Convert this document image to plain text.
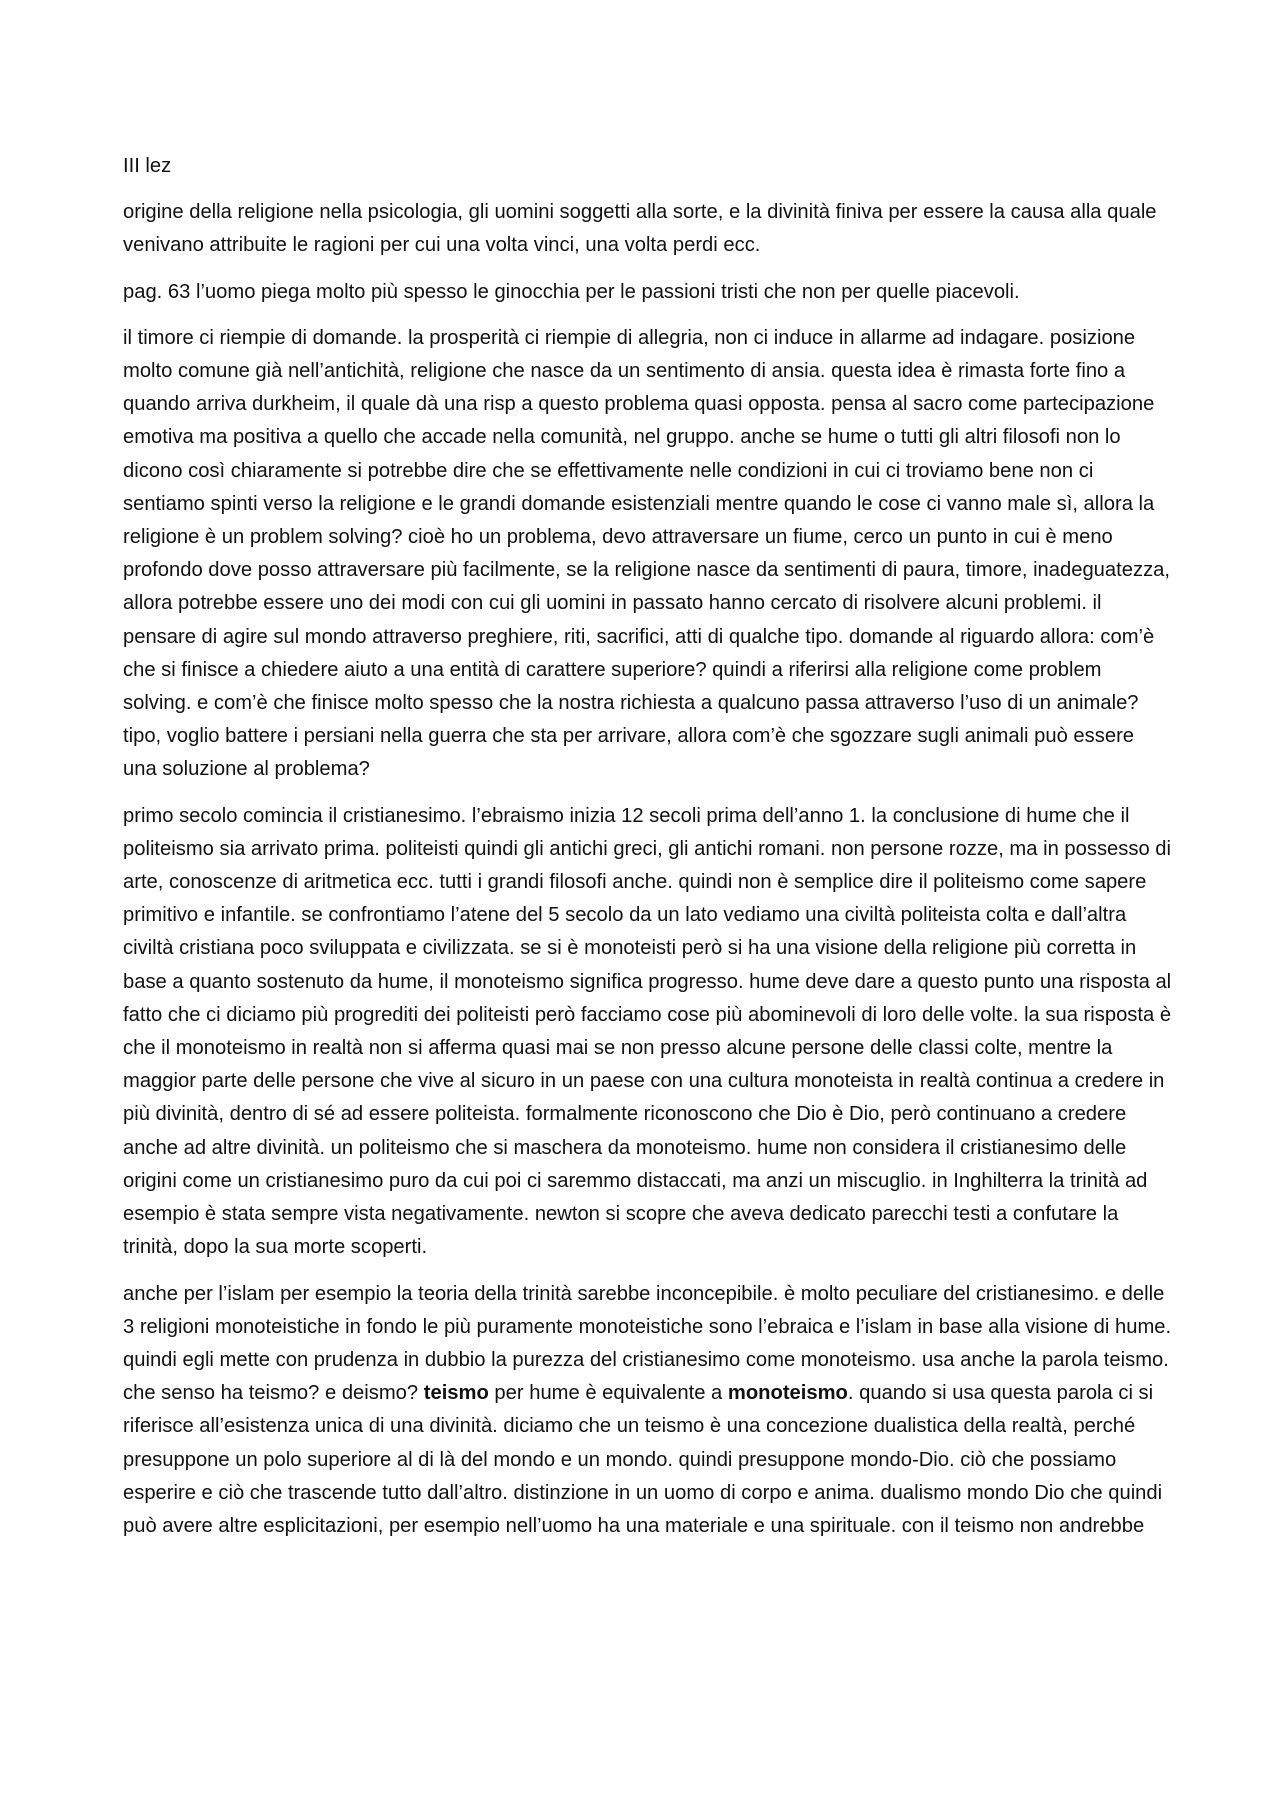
III lez

origine della religione nella psicologia, gli uomini soggetti alla sorte, e la divinità finiva per essere la causa alla quale venivano attribuite le ragioni per cui una volta vinci, una volta perdi ecc.

pag. 63 l’uomo piega molto più spesso le ginocchia per le passioni tristi che non per quelle piacevoli.

il timore ci riempie di domande. la prosperità ci riempie di allegria, non ci induce in allarme ad indagare. posizione molto comune già nell’antichità, religione che nasce da un sentimento di ansia. questa idea è rimasta forte fino a quando arriva durkheim, il quale dà una risp a questo problema quasi opposta. pensa al sacro come partecipazione emotiva ma positiva a quello che accade nella comunità, nel gruppo. anche se hume o tutti gli altri filosofi non lo dicono così chiaramente si potrebbe dire che se effettivamente nelle condizioni in cui ci troviamo bene non ci sentiamo spinti verso la religione e le grandi domande esistenziali mentre quando le cose ci vanno male sì, allora la religione è un problem solving? cioè ho un problema, devo attraversare un fiume, cerco un punto in cui è meno profondo dove posso attraversare più facilmente, se la religione nasce da sentimenti di paura, timore, inadeguatezza, allora potrebbe essere uno dei modi con cui gli uomini in passato hanno cercato di risolvere alcuni problemi. il pensare di agire sul mondo attraverso preghiere, riti, sacrifici, atti di qualche tipo. domande al riguardo allora: com’è che si finisce a chiedere aiuto a una entità di carattere superiore? quindi a riferirsi alla religione come problem solving. e com’è che finisce molto spesso che la nostra richiesta a qualcuno passa attraverso l’uso di un animale? tipo, voglio battere i persiani nella guerra che sta per arrivare, allora com’è che sgozzare sugli animali può essere una soluzione al problema?

primo secolo comincia il cristianesimo. l’ebraismo inizia 12 secoli prima dell’anno 1. la conclusione di hume che il politeismo sia arrivato prima. politeisti quindi gli antichi greci, gli antichi romani. non persone rozze, ma in possesso di arte, conoscenze di aritmetica ecc. tutti i grandi filosofi anche. quindi non è semplice dire il politeismo come sapere primitivo e infantile. se confrontiamo l’atene del 5 secolo da un lato vediamo una civiltà politeista colta e dall’altra civiltà cristiana poco sviluppata e civilizzata. se si è monoteisti però si ha una visione della religione più corretta in base a quanto sostenuto da hume, il monoteismo significa progresso. hume deve dare a questo punto una risposta al fatto che ci diciamo più progrediti dei politeisti però facciamo cose più abominevoli di loro delle volte. la sua risposta è che il monoteismo in realtà non si afferma quasi mai se non presso alcune persone delle classi colte, mentre la maggior parte delle persone che vive al sicuro in un paese con una cultura monoteista in realtà continua a credere in più divinità, dentro di sé ad essere politeista. formalmente riconoscono che Dio è Dio, però continuano a credere anche ad altre divinità. un politeismo che si maschera da monoteismo. hume non considera il cristianesimo delle origini come un cristianesimo puro da cui poi ci saremmo distaccati, ma anzi un miscuglio. in Inghilterra la trinità ad esempio è stata sempre vista negativamente. newton si scopre che aveva dedicato parecchi testi a confutare la trinità, dopo la sua morte scoperti.

anche per l’islam per esempio la teoria della trinità sarebbe inconcepibile. è molto peculiare del cristianesimo. e delle 3 religioni monoteistiche in fondo le più puramente monoteistiche sono l’ebraica e l’islam in base alla visione di hume. quindi egli mette con prudenza in dubbio la purezza del cristianesimo come monoteismo. usa anche la parola teismo. che senso ha teismo? e deismo? teismo per hume è equivalente a monoteismo. quando si usa questa parola ci si riferisce all’esistenza unica di una divinità. diciamo che un teismo è una concezione dualistica della realtà, perché presuppone un polo superiore al di là del mondo e un mondo. quindi presuppone mondo-Dio. ciò che possiamo esperire e ciò che trascende tutto dall’altro. distinzione in un uomo di corpo e anima. dualismo mondo Dio che quindi può avere altre esplicitazioni, per esempio nell’uomo ha una materiale e una spirituale. con il teismo non andrebbe
